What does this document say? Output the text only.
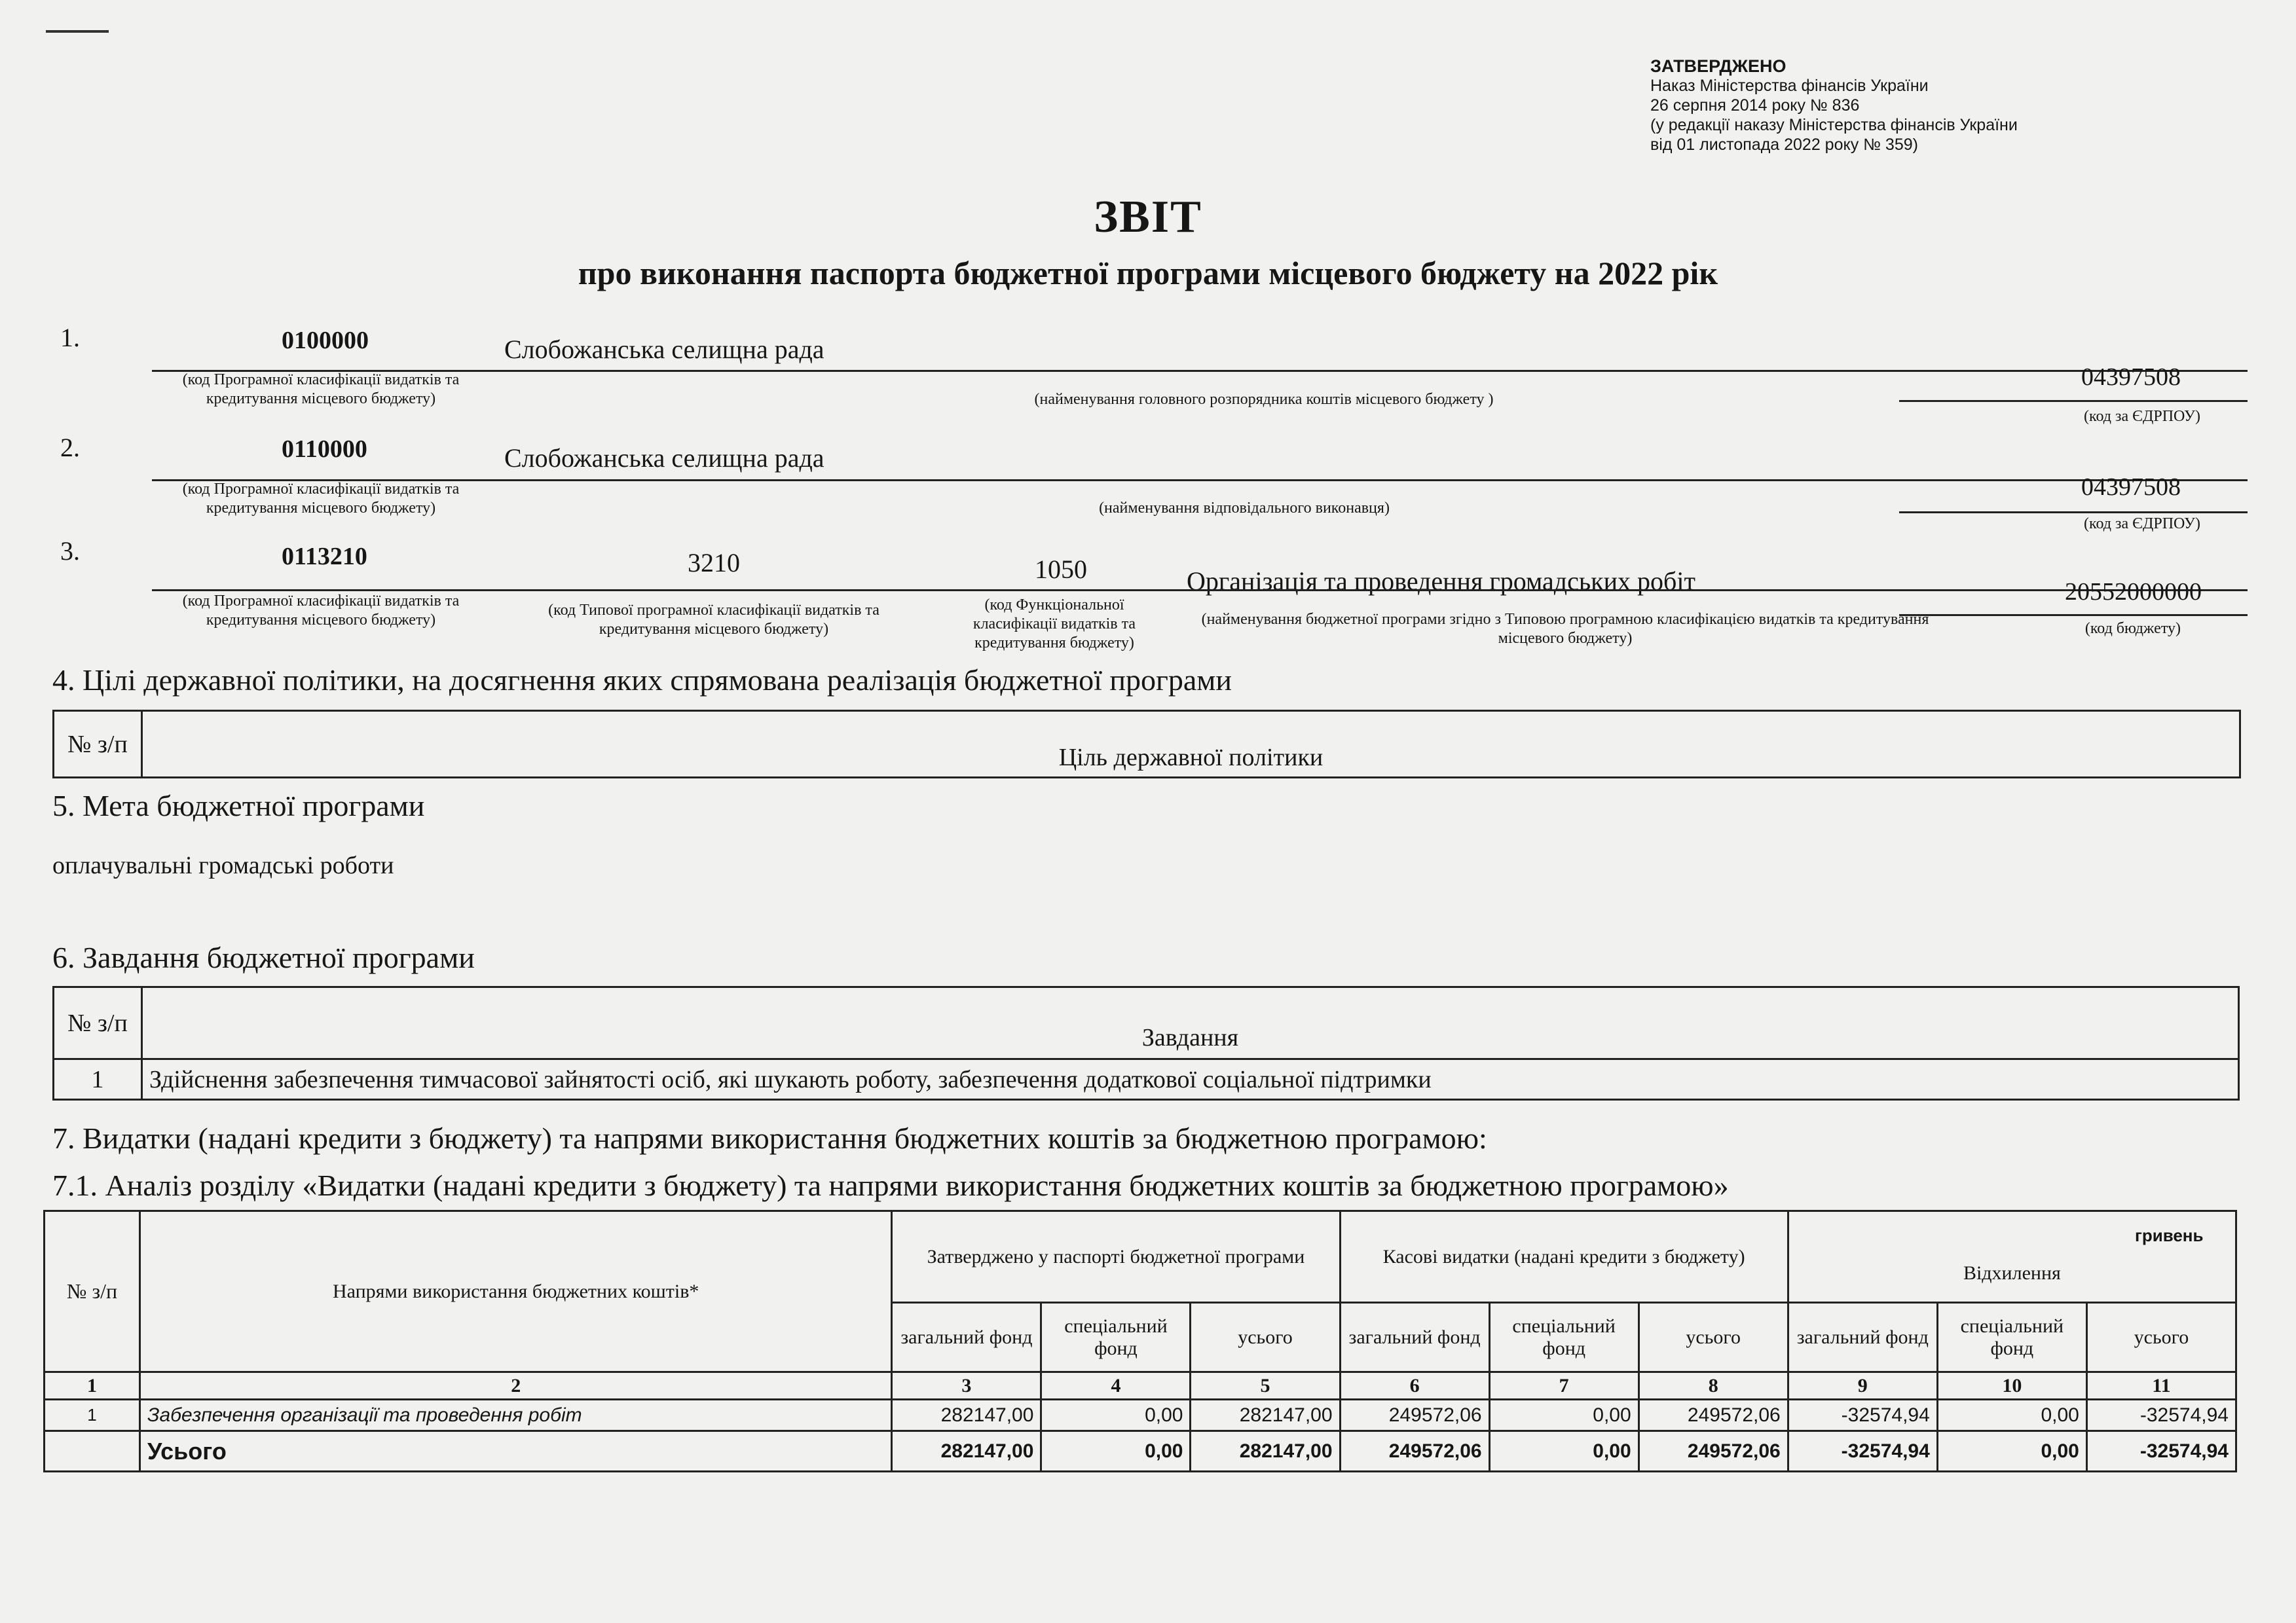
ЗАТВЕРДЖЕНО
Наказ Міністерства фінансів України
26 серпня 2014 року № 836
(у редакції наказу Міністерства фінансів України
від 01 листопада 2022 року № 359)
ЗВІТ
про виконання паспорта бюджетної програми місцевого бюджету на 2022 рік
1.	0100000	Слобожанська селищна рада
(код Програмної класифікації видатків та кредитування місцевого бюджету)	(найменування головного розпорядника коштів місцевого бюджету )
04397508
(код за ЄДРПОУ)
2.	0110000	Слобожанська селищна рада
(код Програмної класифікації видатків та кредитування місцевого бюджету)	(найменування відповідального виконавця)
04397508
(код за ЄДРПОУ)
3.	0113210	3210	1050	Організація та проведення громадських робіт
(код Програмної класифікації видатків та кредитування місцевого бюджету)
(код Типової програмної класифікації видатків та кредитування місцевого бюджету)
(код Функціональної класифікації видатків та кредитування бюджету)
(найменування бюджетної програми згідно з Типовою програмною класифікацією видатків та кредитування місцевого бюджету)
20552000000
(код бюджету)
4. Цілі державної політики, на досягнення яких спрямована реалізація бюджетної програми
№ з/п	Ціль державної політики
5. Мета бюджетної програми
оплачувальні громадські роботи
6. Завдання бюджетної програми
№ з/п	Завдання
1	Здійснення забезпечення тимчасової зайнятості осіб, які шукають роботу, забезпечення додаткової соціальної підтримки
7. Видатки (надані кредити з бюджету) та напрями використання бюджетних коштів за бюджетною програмою:
7.1. Аналіз розділу «Видатки (надані кредити з бюджету) та напрями використання бюджетних коштів за бюджетною програмою»
гривень
№ з/п	Напрями використання бюджетних коштів*	Затверджено у паспорті бюджетної програми			Касові видатки (надані кредити з бюджету)			Відхилення		
		загальний фонд	спеціальний фонд	усього	загальний фонд	спеціальний фонд	усього	загальний фонд	спеціальний фонд	усього
1	2	3	4	5	6	7	8	9	10	11
1	Забезпечення організації та проведення робіт	282147,00	0,00	282147,00	249572,06	0,00	249572,06	-32574,94	0,00	-32574,94
	Усього	282147,00	0,00	282147,00	249572,06	0,00	249572,06	-32574,94	0,00	-32574,94
